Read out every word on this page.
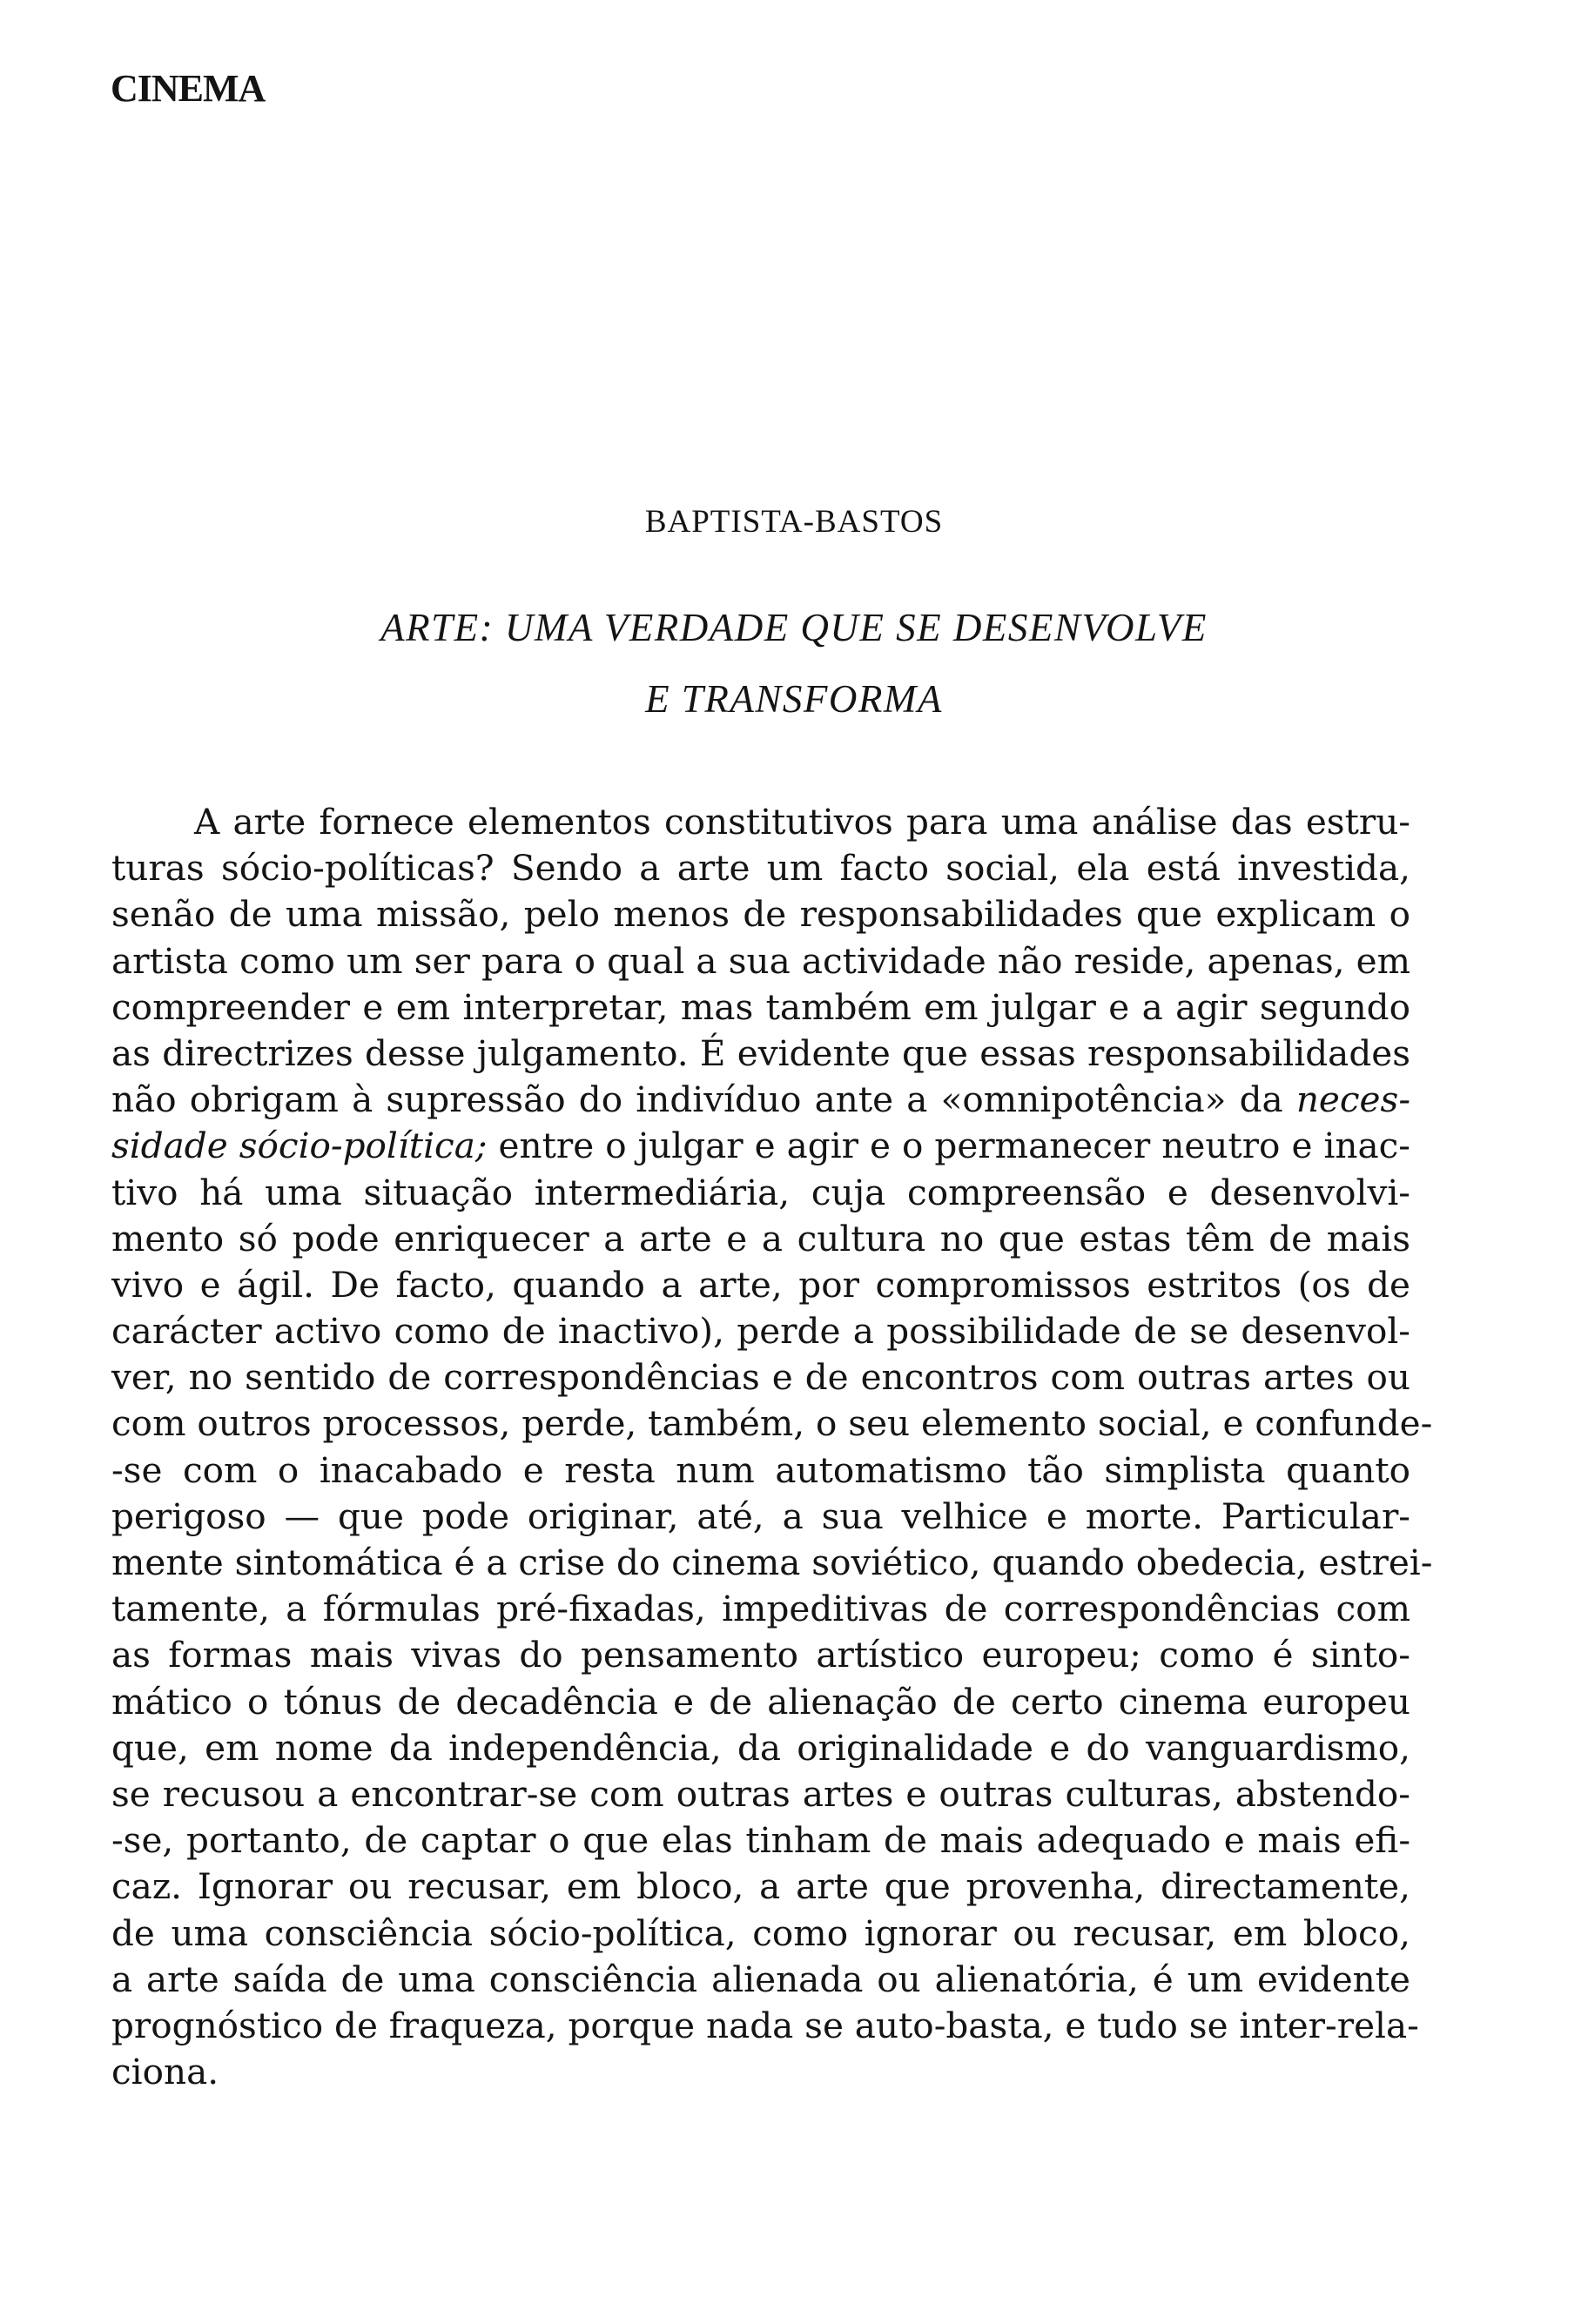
CINEMA
BAPTISTA-BASTOS
ARTE: UMA VERDADE QUE SE DESENVOLVE
E TRANSFORMA
A arte fornece elementos constitutivos para uma análise das estru-
turas sócio-políticas? Sendo a arte um facto social, ela está investida,
senão de uma missão, pelo menos de responsabilidades que explicam o
artista como um ser para o qual a sua actividade não reside, apenas, em
compreender e em interpretar, mas também em julgar e a agir segundo
as directrizes desse julgamento. É evidente que essas responsabilidades
não obrigam à supressão do indivíduo ante a «omnipotência» da neces-
sidade sócio-política; entre o julgar e agir e o permanecer neutro e inac-
tivo há uma situação intermediária, cuja compreensão e desenvolvi-
mento só pode enriquecer a arte e a cultura no que estas têm de mais
vivo e ágil. De facto, quando a arte, por compromissos estritos (os de
carácter activo como de inactivo), perde a possibilidade de se desenvol-
ver, no sentido de correspondências e de encontros com outras artes ou
com outros processos, perde, também, o seu elemento social, e confunde-
-se com o inacabado e resta num automatismo tão simplista quanto
perigoso — que pode originar, até, a sua velhice e morte. Particular-
mente sintomática é a crise do cinema soviético, quando obedecia, estrei-
tamente, a fórmulas pré-fixadas, impeditivas de correspondências com
as formas mais vivas do pensamento artístico europeu; como é sinto-
mático o tónus de decadência e de alienação de certo cinema europeu
que, em nome da independência, da originalidade e do vanguardismo,
se recusou a encontrar-se com outras artes e outras culturas, abstendo-
-se, portanto, de captar o que elas tinham de mais adequado e mais efi-
caz. Ignorar ou recusar, em bloco, a arte que provenha, directamente,
de uma consciência sócio-política, como ignorar ou recusar, em bloco,
a arte saída de uma consciência alienada ou alienatória, é um evidente
prognóstico de fraqueza, porque nada se auto-basta, e tudo se inter-rela-
ciona.
